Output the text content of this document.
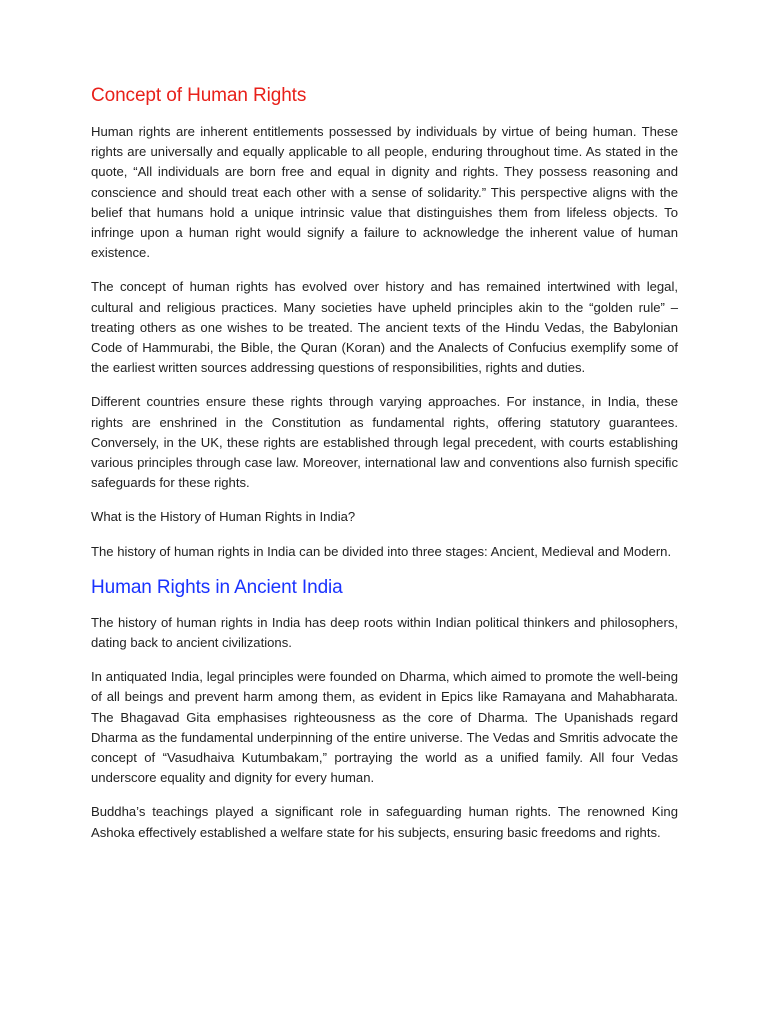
Concept of Human Rights

Human rights are inherent entitlements possessed by individuals by virtue of being human. These rights are universally and equally applicable to all people, enduring throughout time. As stated in the quote, “All individuals are born free and equal in dignity and rights. They possess reasoning and conscience and should treat each other with a sense of solidarity.” This perspective aligns with the belief that humans hold a unique intrinsic value that distinguishes them from lifeless objects. To infringe upon a human right would signify a failure to acknowledge the inherent value of human existence.

The concept of human rights has evolved over history and has remained intertwined with legal, cultural and religious practices. Many societies have upheld principles akin to the “golden rule” – treating others as one wishes to be treated. The ancient texts of the Hindu Vedas, the Babylonian Code of Hammurabi, the Bible, the Quran (Koran) and the Analects of Confucius exemplify some of the earliest written sources addressing questions of responsibilities, rights and duties.

Different countries ensure these rights through varying approaches. For instance, in India, these rights are enshrined in the Constitution as fundamental rights, offering statutory guarantees. Conversely, in the UK, these rights are established through legal precedent, with courts establishing various principles through case law. Moreover, international law and conventions also furnish specific safeguards for these rights.

What is the History of Human Rights in India?

The history of human rights in India can be divided into three stages: Ancient, Medieval and Modern.

Human Rights in Ancient India

The history of human rights in India has deep roots within Indian political thinkers and philosophers, dating back to ancient civilizations.

In antiquated India, legal principles were founded on Dharma, which aimed to promote the well-being of all beings and prevent harm among them, as evident in Epics like Ramayana and Mahabharata. The Bhagavad Gita emphasises righteousness as the core of Dharma. The Upanishads regard Dharma as the fundamental underpinning of the entire universe. The Vedas and Smritis advocate the concept of “Vasudhaiva Kutumbakam,” portraying the world as a unified family. All four Vedas underscore equality and dignity for every human.

Buddha’s teachings played a significant role in safeguarding human rights. The renowned King Ashoka effectively established a welfare state for his subjects, ensuring basic freedoms and rights.
